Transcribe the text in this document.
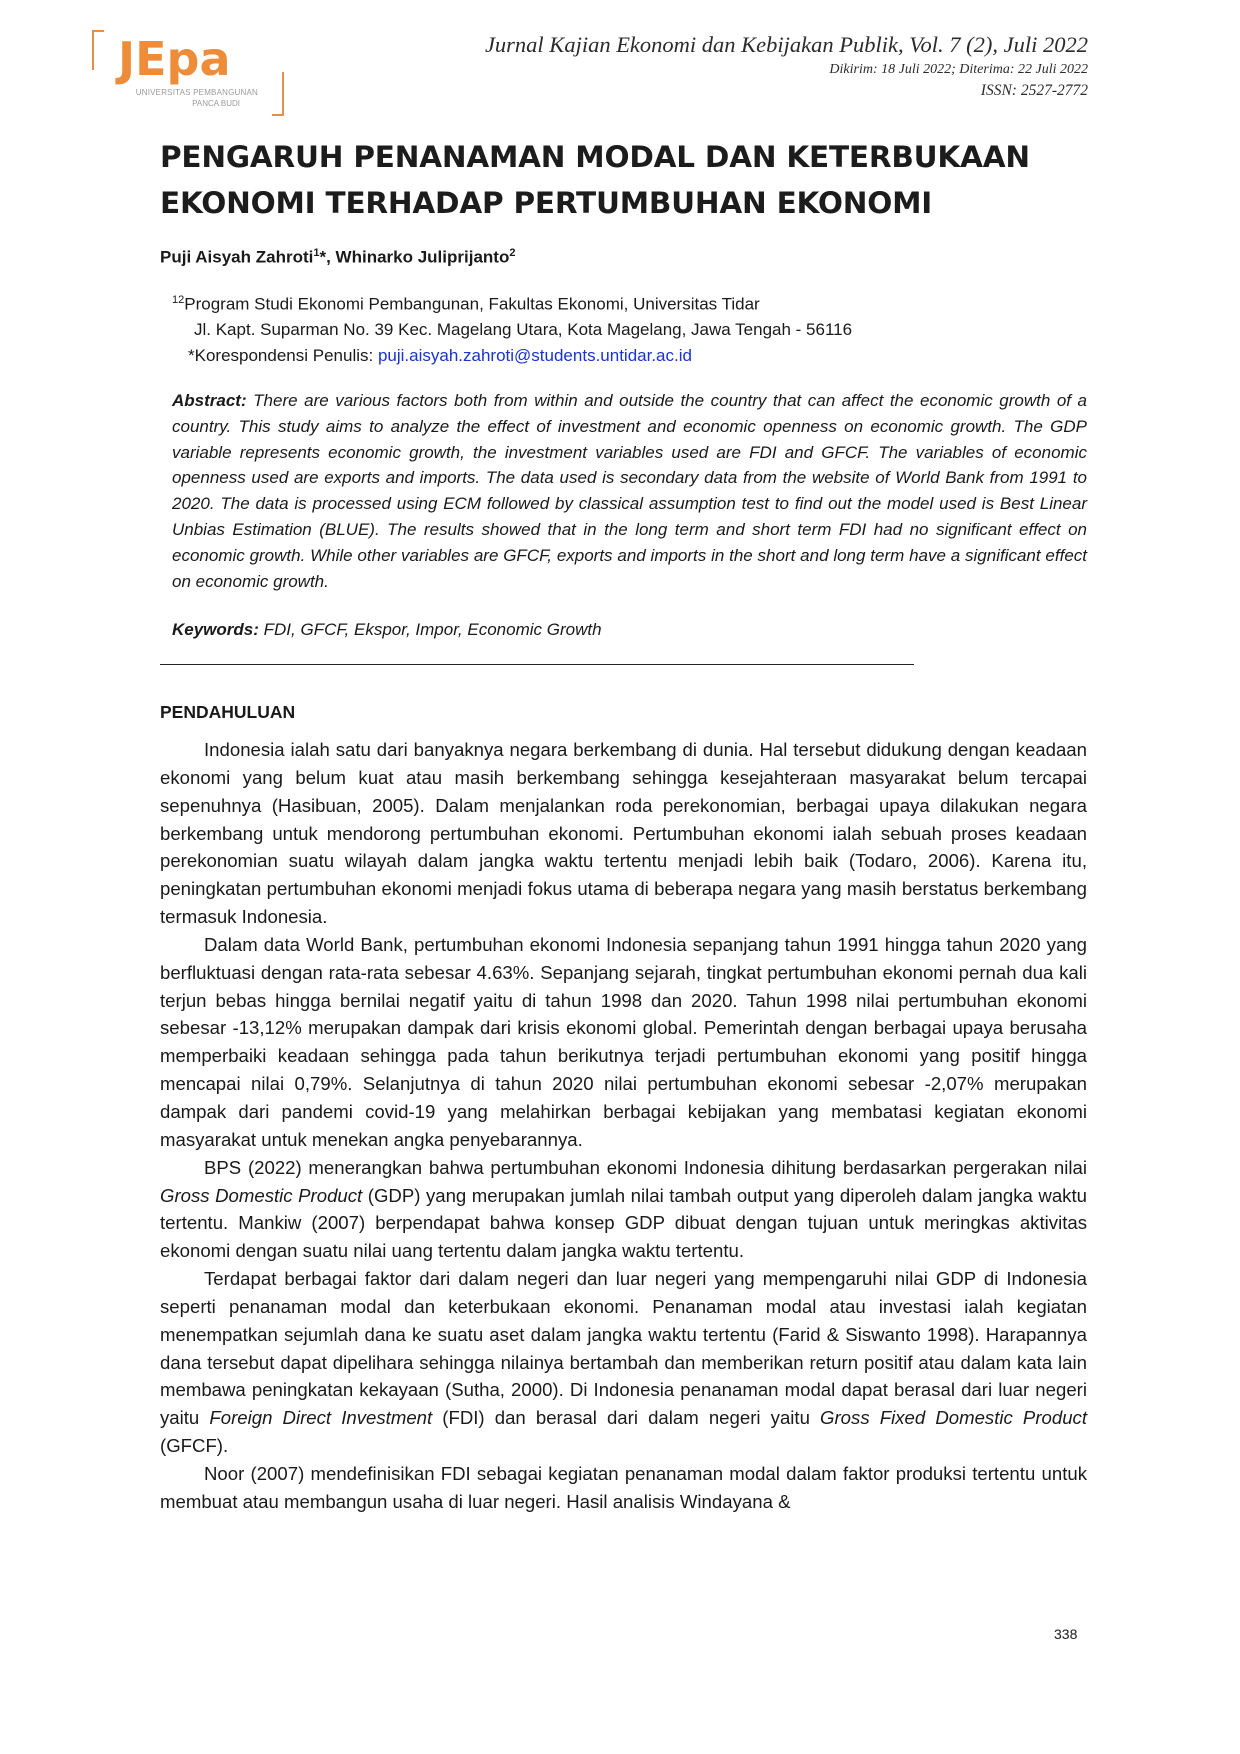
JEpa
UNIVERSITAS PEMBANGUNAN
PANCA BUDI
Jurnal Kajian Ekonomi dan Kebijakan Publik, Vol. 7 (2), Juli 2022
Dikirim: 18 Juli 2022; Diterima: 22 Juli 2022
ISSN: 2527-2772
PENGARUH PENANAMAN MODAL DAN KETERBUKAAN
EKONOMI TERHADAP PERTUMBUHAN EKONOMI
Puji Aisyah Zahroti$^1$*, Whinarko Juliprijanto$^2$
$^{12}$Program Studi Ekonomi Pembangunan, Fakultas Ekonomi, Universitas Tidar
Jl. Kapt. Suparman No. 39 Kec. Magelang Utara, Kota Magelang, Jawa Tengah - 56116
*Korespondensi Penulis: puji.aisyah.zahroti@students.untidar.ac.id
Abstract: There are various factors both from within and outside the country that can affect the economic growth of a country. This study aims to analyze the effect of investment and economic openness on economic growth. The GDP variable represents economic growth, the investment variables used are FDI and GFCF. The variables of economic openness used are exports and imports. The data used is secondary data from the website of World Bank from 1991 to 2020. The data is processed using ECM followed by classical assumption test to find out the model used is Best Linear Unbias Estimation (BLUE). The results showed that in the long term and short term FDI had no significant effect on economic growth. While other variables are GFCF, exports and imports in the short and long term have a significant effect on economic growth.
Keywords: FDI, GFCF, Ekspor, Impor, Economic Growth
PENDAHULUAN

Indonesia ialah satu dari banyaknya negara berkembang di dunia. Hal tersebut didukung dengan keadaan ekonomi yang belum kuat atau masih berkembang sehingga kesejahteraan masyarakat belum tercapai sepenuhnya (Hasibuan, 2005). Dalam menjalankan roda perekonomian, berbagai upaya dilakukan negara berkembang untuk mendorong pertumbuhan ekonomi. Pertumbuhan ekonomi ialah sebuah proses keadaan perekonomian suatu wilayah dalam jangka waktu tertentu menjadi lebih baik (Todaro, 2006). Karena itu, peningkatan pertumbuhan ekonomi menjadi fokus utama di beberapa negara yang masih berstatus berkembang termasuk Indonesia.

Dalam data World Bank, pertumbuhan ekonomi Indonesia sepanjang tahun 1991 hingga tahun 2020 yang berfluktuasi dengan rata-rata sebesar 4.63%. Sepanjang sejarah, tingkat pertumbuhan ekonomi pernah dua kali terjun bebas hingga bernilai negatif yaitu di tahun 1998 dan 2020. Tahun 1998 nilai pertumbuhan ekonomi sebesar -13,12% merupakan dampak dari krisis ekonomi global. Pemerintah dengan berbagai upaya berusaha memperbaiki keadaan sehingga pada tahun berikutnya terjadi pertumbuhan ekonomi yang positif hingga mencapai nilai 0,79%. Selanjutnya di tahun 2020 nilai pertumbuhan ekonomi sebesar -2,07% merupakan dampak dari pandemi covid-19 yang melahirkan berbagai kebijakan yang membatasi kegiatan ekonomi masyarakat untuk menekan angka penyebarannya.

BPS (2022) menerangkan bahwa pertumbuhan ekonomi Indonesia dihitung berdasarkan pergerakan nilai Gross Domestic Product (GDP) yang merupakan jumlah nilai tambah output yang diperoleh dalam jangka waktu tertentu. Mankiw (2007) berpendapat bahwa konsep GDP dibuat dengan tujuan untuk meringkas aktivitas ekonomi dengan suatu nilai uang tertentu dalam jangka waktu tertentu.

Terdapat berbagai faktor dari dalam negeri dan luar negeri yang mempengaruhi nilai GDP di Indonesia seperti penanaman modal dan keterbukaan ekonomi. Penanaman modal atau investasi ialah kegiatan menempatkan sejumlah dana ke suatu aset dalam jangka waktu tertentu (Farid & Siswanto 1998). Harapannya dana tersebut dapat dipelihara sehingga nilainya bertambah dan memberikan return positif atau dalam kata lain membawa peningkatan kekayaan (Sutha, 2000). Di Indonesia penanaman modal dapat berasal dari luar negeri yaitu Foreign Direct Investment (FDI) dan berasal dari dalam negeri yaitu Gross Fixed Domestic Product (GFCF).

Noor (2007) mendefinisikan FDI sebagai kegiatan penanaman modal dalam faktor produksi tertentu untuk membuat atau membangun usaha di luar negeri. Hasil analisis Windayana &

338
